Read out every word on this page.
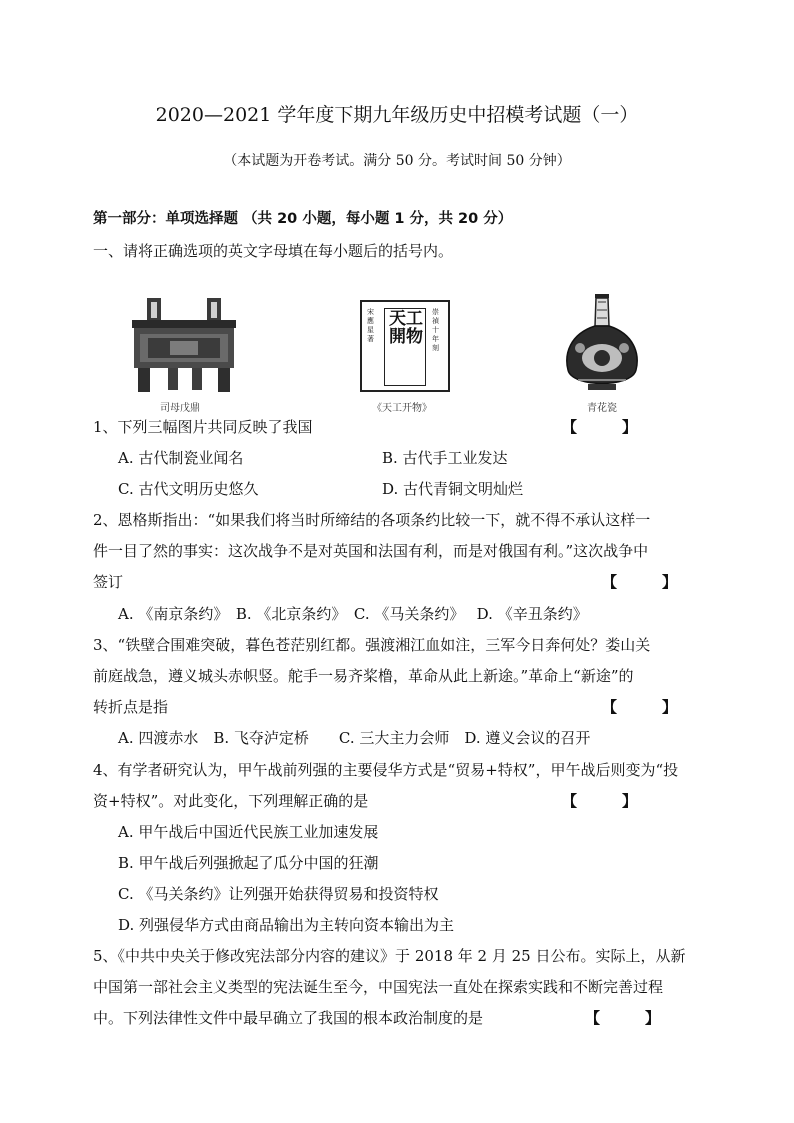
2020—2021 学年度下期九年级历史中招模考试题（一）
（本试题为开卷考试。满分 50 分。考试时间 50 分钟）
第一部分：单项选择题 （共 20 小题，每小题 1 分，共 20 分）
一、请将正确选项的英文字母填在每小题后的括号内。
司母戊鼎
天工開物
宋應星著
崇禎十年刻
《天工开物》	青花瓷
1、下列三幅图片共同反映了我国	【　　　】
A. 古代制瓷业闻名	B. 古代手工业发达
C. 古代文明历史悠久	D. 古代青铜文明灿烂
2、恩格斯指出：“如果我们将当时所缔结的各项条约比较一下，就不得不承认这样一
件一目了然的事实：这次战争不是对英国和法国有利，而是对俄国有利。”这次战争中
签订	【　　　】
A. 《南京条约》　B. 《北京条约》　C. 《马关条约》　 D. 《辛丑条约》
3、“铁壁合围难突破，暮色苍茫别红都。强渡湘江血如注，三军今日奔何处？娄山关
前庭战急，遵义城头赤帜竖。舵手一易齐桨橹，革命从此上新途。”革命上“新途”的
转折点是指	【　　　】
A. 四渡赤水　B. 飞夺泸定桥　　C. 三大主力会师　D. 遵义会议的召开
4、有学者研究认为，甲午战前列强的主要侵华方式是“贸易+特权”，甲午战后则变为“投
资+特权”。对此变化，下列理解正确的是	【　　　】
A. 甲午战后中国近代民族工业加速发展
B. 甲午战后列强掀起了瓜分中国的狂潮
C. 《马关条约》让列强开始获得贸易和投资特权
D. 列强侵华方式由商品输出为主转向资本输出为主
5、《中共中央关于修改宪法部分内容的建议》于 2018 年 2 月 25 日公布。实际上，从新
中国第一部社会主义类型的宪法诞生至今，中国宪法一直处在探索实践和不断完善过程
中。下列法律性文件中最早确立了我国的根本政治制度的是	【　　　】
